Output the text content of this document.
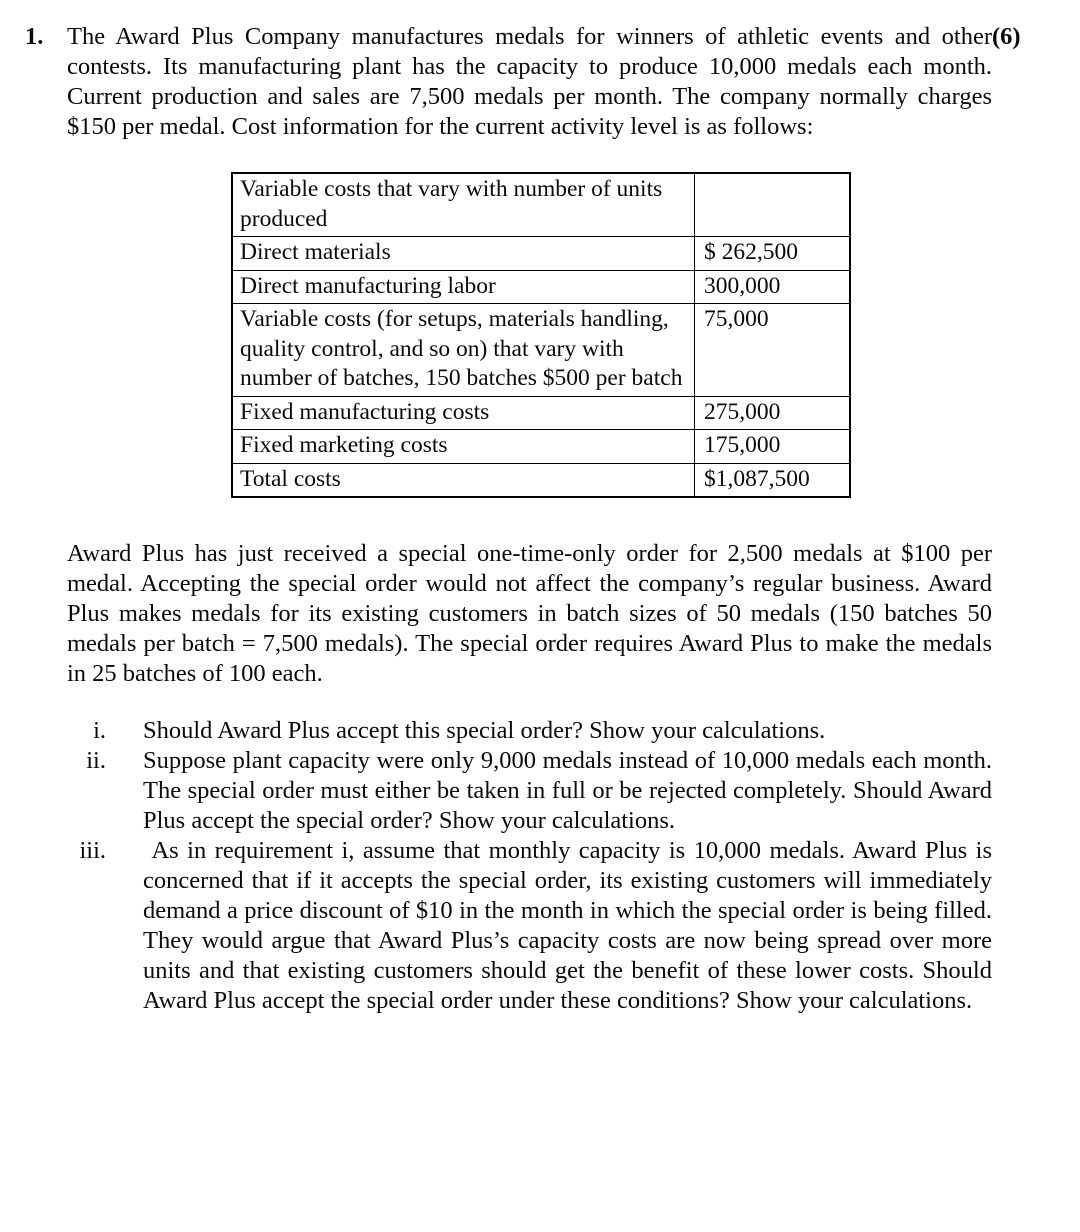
1.	(6)

The Award Plus Company manufactures medals for winners of athletic events and other contests. Its manufacturing plant has the capacity to produce 10,000 medals each month. Current production and sales are 7,500 medals per month. The company normally charges $150 per medal. Cost information for the current activity level is as follows:

Variable costs that vary with number of units produced	
Direct materials	$ 262,500
Direct manufacturing labor	300,000
Variable costs (for setups, materials handling, quality control, and so on) that vary with number of batches, 150 batches $500 per batch	75,000
Fixed manufacturing costs	275,000
Fixed marketing costs	175,000
Total costs	$1,087,500

Award Plus has just received a special one-time-only order for 2,500 medals at $100 per medal. Accepting the special order would not affect the company’s regular business. Award Plus makes medals for its existing customers in batch sizes of 50 medals (150 batches 50 medals per batch = 7,500 medals). The special order requires Award Plus to make the medals in 25 batches of 100 each.

i. Should Award Plus accept this special order? Show your calculations.

ii. Suppose plant capacity were only 9,000 medals instead of 10,000 medals each month. The special order must either be taken in full or be rejected completely. Should Award Plus accept the special order? Show your calculations.

iii. As in requirement i, assume that monthly capacity is 10,000 medals. Award Plus is concerned that if it accepts the special order, its existing customers will immediately demand a price discount of $10 in the month in which the special order is being filled. They would argue that Award Plus’s capacity costs are now being spread over more units and that existing customers should get the benefit of these lower costs. Should Award Plus accept the special order under these conditions? Show your calculations.
